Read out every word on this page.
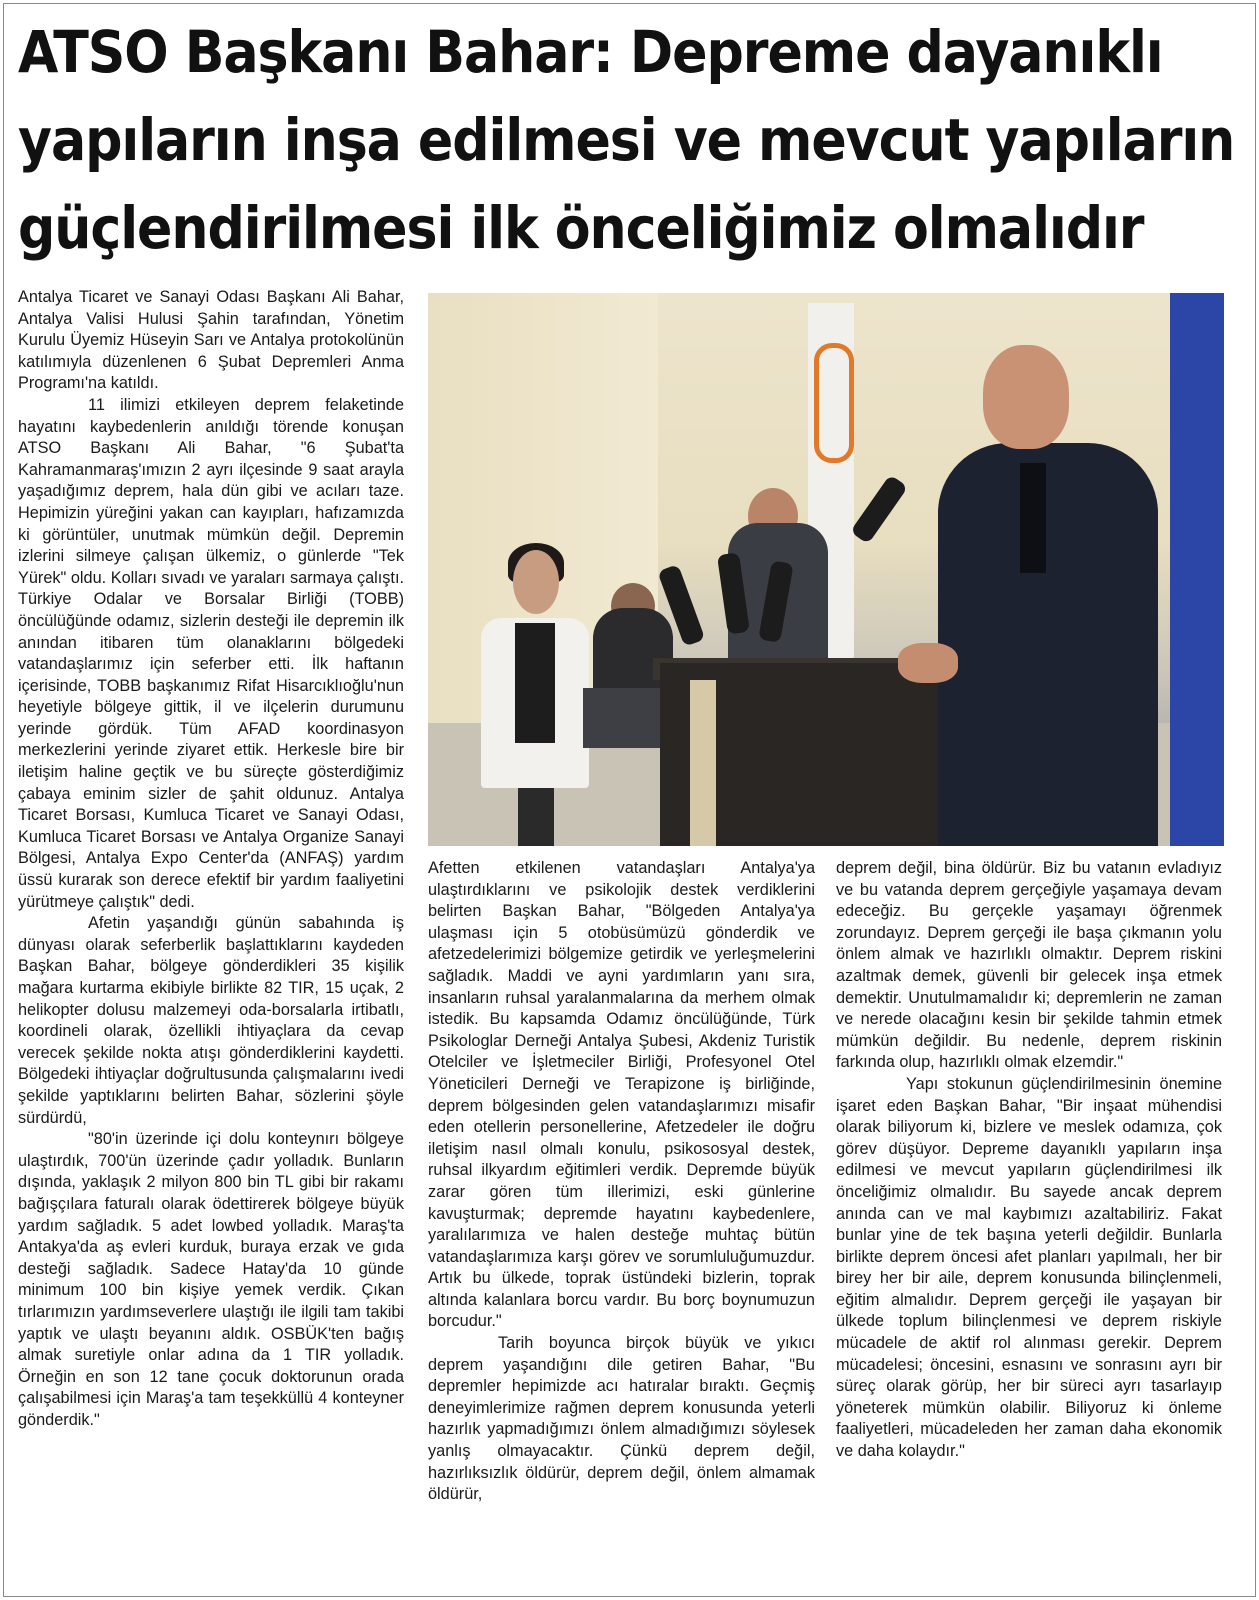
ATSO Başkanı Bahar: Depreme dayanıklı
yapıların inşa edilmesi ve mevcut yapıların
güçlendirilmesi ilk önceliğimiz olmalıdır

Antalya Ticaret ve Sanayi Odası Başkanı Ali Bahar, Antalya Valisi Hulusi Şahin tarafından, Yönetim Kurulu Üyemiz Hüseyin Sarı ve Antalya protokolünün katılımıyla düzenlenen 6 Şubat Depremleri Anma Programı'na katıldı.

11 ilimizi etkileyen deprem felaketinde hayatını kaybedenlerin anıldığı törende konuşan ATSO Başkanı Ali Bahar, "6 Şubat'ta Kahramanmaraş'ımızın 2 ayrı ilçesinde 9 saat arayla yaşadığımız deprem, hala dün gibi ve acıları taze. Hepimizin yüreğini yakan can kayıpları, hafızamızda ki görüntüler, unutmak mümkün değil. Depremin izlerini silmeye çalışan ülkemiz, o günlerde "Tek Yürek" oldu. Kolları sıvadı ve yaraları sarmaya çalıştı. Türkiye Odalar ve Borsalar Birliği (TOBB) öncülüğünde odamız, sizlerin desteği ile depremin ilk anından itibaren tüm olanaklarını bölgedeki vatandaşlarımız için seferber etti. İlk haftanın içerisinde, TOBB başkanımız Rifat Hisarcıklıoğlu'nun heyetiyle bölgeye gittik, il ve ilçelerin durumunu yerinde gördük. Tüm AFAD koordinasyon merkezlerini yerinde ziyaret ettik. Herkesle bire bir iletişim haline geçtik ve bu süreçte gösterdiğimiz çabaya eminim sizler de şahit oldunuz. Antalya Ticaret Borsası, Kumluca Ticaret ve Sanayi Odası, Kumluca Ticaret Borsası ve Antalya Organize Sanayi Bölgesi, Antalya Expo Center'da (ANFAŞ) yardım üssü kurarak son derece efektif bir yardım faaliyetini yürütmeye çalıştık" dedi.

Afetin yaşandığı günün sabahında iş dünyası olarak seferberlik başlattıklarını kaydeden Başkan Bahar, bölgeye gönderdikleri 35 kişilik mağara kurtarma ekibiyle birlikte 82 TIR, 15 uçak, 2 helikopter dolusu malzemeyi oda-borsalarla irtibatlı, koordineli olarak, özellikli ihtiyaçlara da cevap verecek şekilde nokta atışı gönderdiklerini kaydetti. Bölgedeki ihtiyaçlar doğrultusunda çalışmalarını ivedi şekilde yaptıklarını belirten Bahar, sözlerini şöyle sürdürdü,

"80'in üzerinde içi dolu konteynırı bölgeye ulaştırdık, 700'ün üzerinde çadır yolladık. Bunların dışında, yaklaşık 2 milyon 800 bin TL gibi bir rakamı bağışçılara faturalı olarak ödettirerek bölgeye büyük yardım sağladık. 5 adet lowbed yolladık. Maraş'ta Antakya'da aş evleri kurduk, buraya erzak ve gıda desteği sağladık. Sadece Hatay'da 10 günde minimum 100 bin kişiye yemek verdik. Çıkan tırlarımızın yardımseverlere ulaştığı ile ilgili tam takibi yaptık ve ulaştı beyanını aldık. OSBÜK'ten bağış almak suretiyle onlar adına da 1 TIR yolladık. Örneğin en son 12 tane çocuk doktorunun orada çalışabilmesi için Maraş'a tam teşekküllü 4 konteyner gönderdik."

Afetten etkilenen vatandaşları Antalya'ya ulaştırdıklarını ve psikolojik destek verdiklerini belirten Başkan Bahar, "Bölgeden Antalya'ya ulaşması için 5 otobüsümüzü gönderdik ve afetzedelerimizi bölgemize getirdik ve yerleşmelerini sağladık. Maddi ve ayni yardımların yanı sıra, insanların ruhsal yaralanmalarına da merhem olmak istedik. Bu kapsamda Odamız öncülüğünde, Türk Psikologlar Derneği Antalya Şubesi, Akdeniz Turistik Otelciler ve İşletmeciler Birliği, Profesyonel Otel Yöneticileri Derneği ve Terapizone iş birliğinde, deprem bölgesinden gelen vatandaşlarımızı misafir eden otellerin personellerine, Afetzedeler ile doğru iletişim nasıl olmalı konulu, psikososyal destek, ruhsal ilkyardım eğitimleri verdik. Depremde büyük zarar gören tüm illerimizi, eski günlerine kavuşturmak; depremde hayatını kaybedenlere, yaralılarımıza ve halen desteğe muhtaç bütün vatandaşlarımıza karşı görev ve sorumluluğumuzdur. Artık bu ülkede, toprak üstündeki bizlerin, toprak altında kalanlara borcu vardır. Bu borç boynumuzun borcudur."

Tarih boyunca birçok büyük ve yıkıcı deprem yaşandığını dile getiren Bahar, "Bu depremler hepimizde acı hatıralar bıraktı. Geçmiş deneyimlerimize rağmen deprem konusunda yeterli hazırlık yapmadığımızı önlem almadığımızı söylesek yanlış olmayacaktır. Çünkü deprem değil, hazırlıksızlık öldürür, deprem değil, önlem almamak öldürür,

deprem değil, bina öldürür. Biz bu vatanın evladıyız ve bu vatanda deprem gerçeğiyle yaşamaya devam edeceğiz. Bu gerçekle yaşamayı öğrenmek zorundayız. Deprem gerçeği ile başa çıkmanın yolu önlem almak ve hazırlıklı olmaktır. Deprem riskini azaltmak demek, güvenli bir gelecek inşa etmek demektir. Unutulmamalıdır ki; depremlerin ne zaman ve nerede olacağını kesin bir şekilde tahmin etmek mümkün değildir. Bu nedenle, deprem riskinin farkında olup, hazırlıklı olmak elzemdir."

Yapı stokunun güçlendirilmesinin önemine işaret eden Başkan Bahar, "Bir inşaat mühendisi olarak biliyorum ki, bizlere ve meslek odamıza, çok görev düşüyor. Depreme dayanıklı yapıların inşa edilmesi ve mevcut yapıların güçlendirilmesi ilk önceliğimiz olmalıdır. Bu sayede ancak deprem anında can ve mal kaybımızı azaltabiliriz. Fakat bunlar yine de tek başına yeterli değildir. Bunlarla birlikte deprem öncesi afet planları yapılmalı, her bir birey her bir aile, deprem konusunda bilinçlenmeli, eğitim almalıdır. Deprem gerçeği ile yaşayan bir ülkede toplum bilinçlenmesi ve deprem riskiyle mücadele de aktif rol alınması gerekir. Deprem mücadelesi; öncesini, esnasını ve sonrasını ayrı bir süreç olarak görüp, her bir süreci ayrı tasarlayıp yöneterek mümkün olabilir. Biliyoruz ki önleme faaliyetleri, mücadeleden her zaman daha ekonomik ve daha kolaydır."
